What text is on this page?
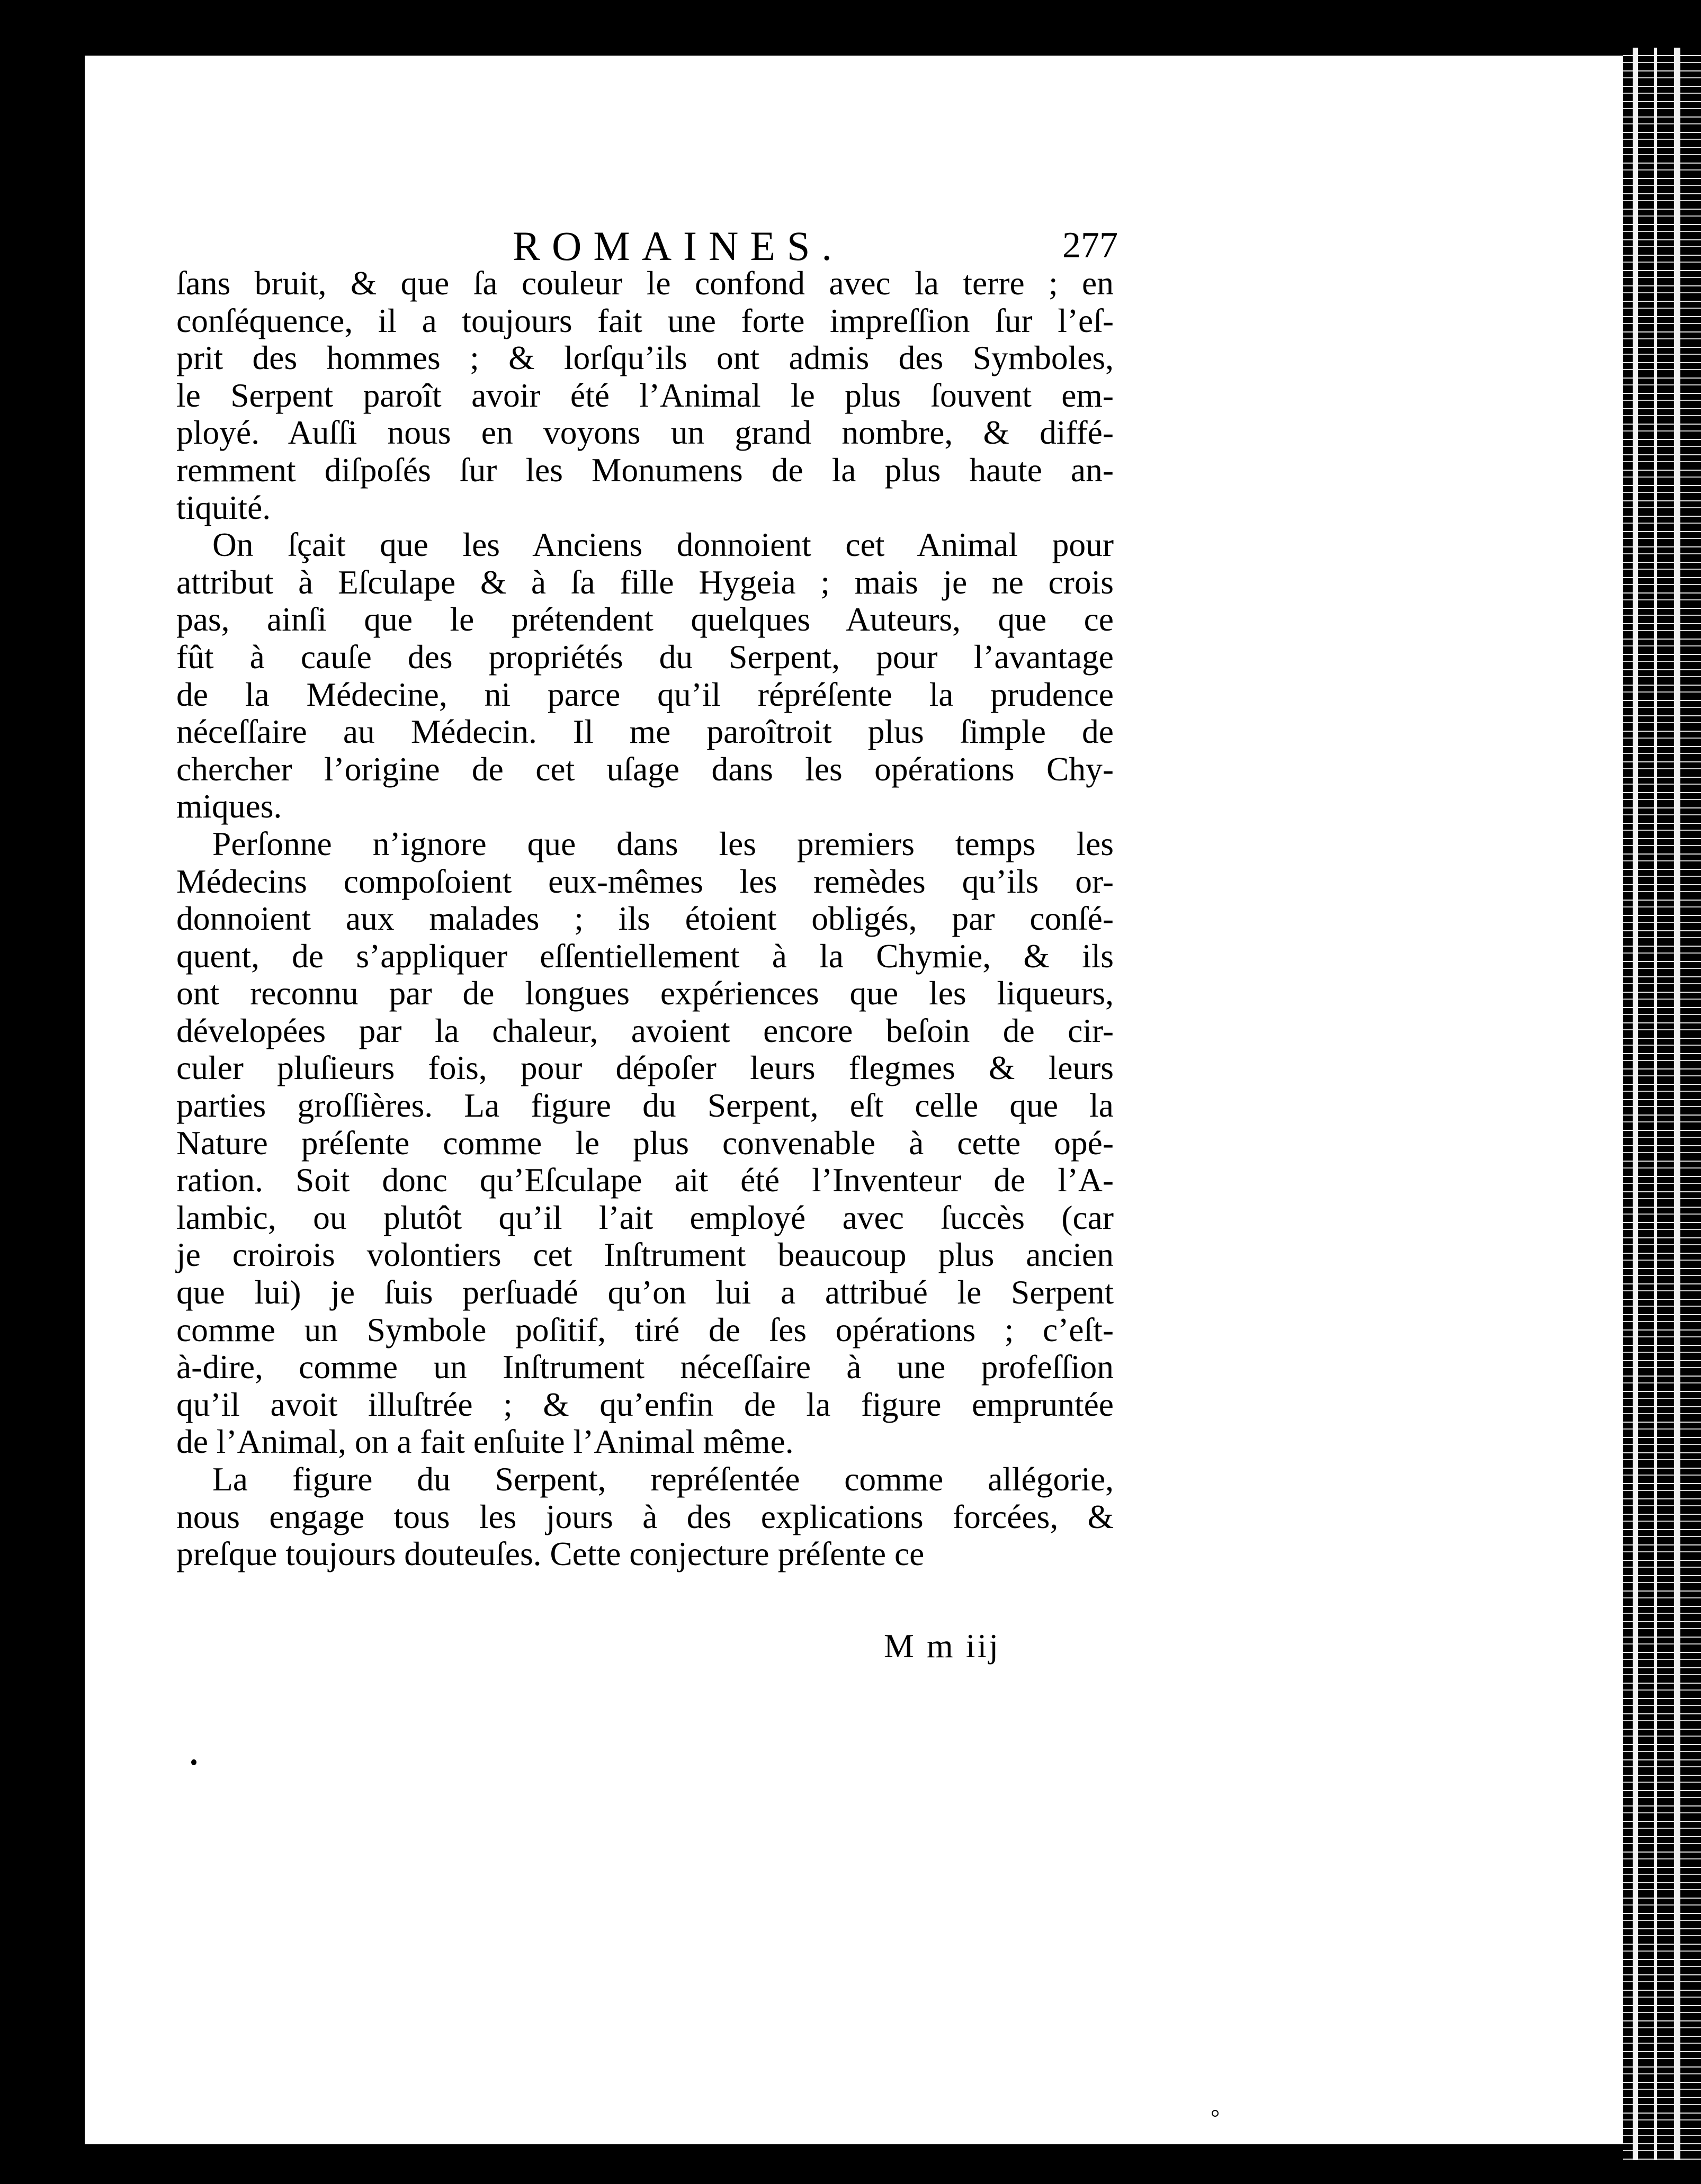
ROMAINES.	277

ſans bruit, & que ſa couleur le confond avec la terre ; en
conſéquence, il a toujours fait une forte impreſſion ſur l’eſ-
prit des hommes ; & lorſqu’ils ont admis des Symboles,
le Serpent paroît avoir été l’Animal le plus ſouvent em-
ployé. Auſſi nous en voyons un grand nombre, & diffé-
remment diſpoſés ſur les Monumens de la plus haute an-
tiquité.

On ſçait que les Anciens donnoient cet Animal pour
attribut à Eſculape & à ſa fille Hygeia ; mais je ne crois
pas, ainſi que le prétendent quelques Auteurs, que ce
fût à cauſe des propriétés du Serpent, pour l’avantage
de la Médecine, ni parce qu’il répréſente la prudence
néceſſaire au Médecin. Il me paroîtroit plus ſimple de
chercher l’origine de cet uſage dans les opérations Chy-
miques.

Perſonne n’ignore que dans les premiers temps les
Médecins compoſoient eux-mêmes les remèdes qu’ils or-
donnoient aux malades ; ils étoient obligés, par conſé-
quent, de s’appliquer eſſentiellement à la Chymie, & ils
ont reconnu par de longues expériences que les liqueurs,
dévelopées par la chaleur, avoient encore beſoin de cir-
culer pluſieurs fois, pour dépoſer leurs flegmes & leurs
parties groſſières. La figure du Serpent, eſt celle que la
Nature préſente comme le plus convenable à cette opé-
ration. Soit donc qu’Eſculape ait été l’Inventeur de l’A-
lambic, ou plutôt qu’il l’ait employé avec ſuccès (car
je croirois volontiers cet Inſtrument beaucoup plus ancien
que lui) je ſuis perſuadé qu’on lui a attribué le Serpent
comme un Symbole poſitif, tiré de ſes opérations ; c’eſt-
à-dire, comme un Inſtrument néceſſaire à une profeſſion
qu’il avoit illuſtrée ; & qu’enfin de la figure empruntée
de l’Animal, on a fait enſuite l’Animal même.

La figure du Serpent, repréſentée comme allégorie,
nous engage tous les jours à des explications forcées, &
preſque toujours douteuſes. Cette conjecture préſente ce

M m iij
